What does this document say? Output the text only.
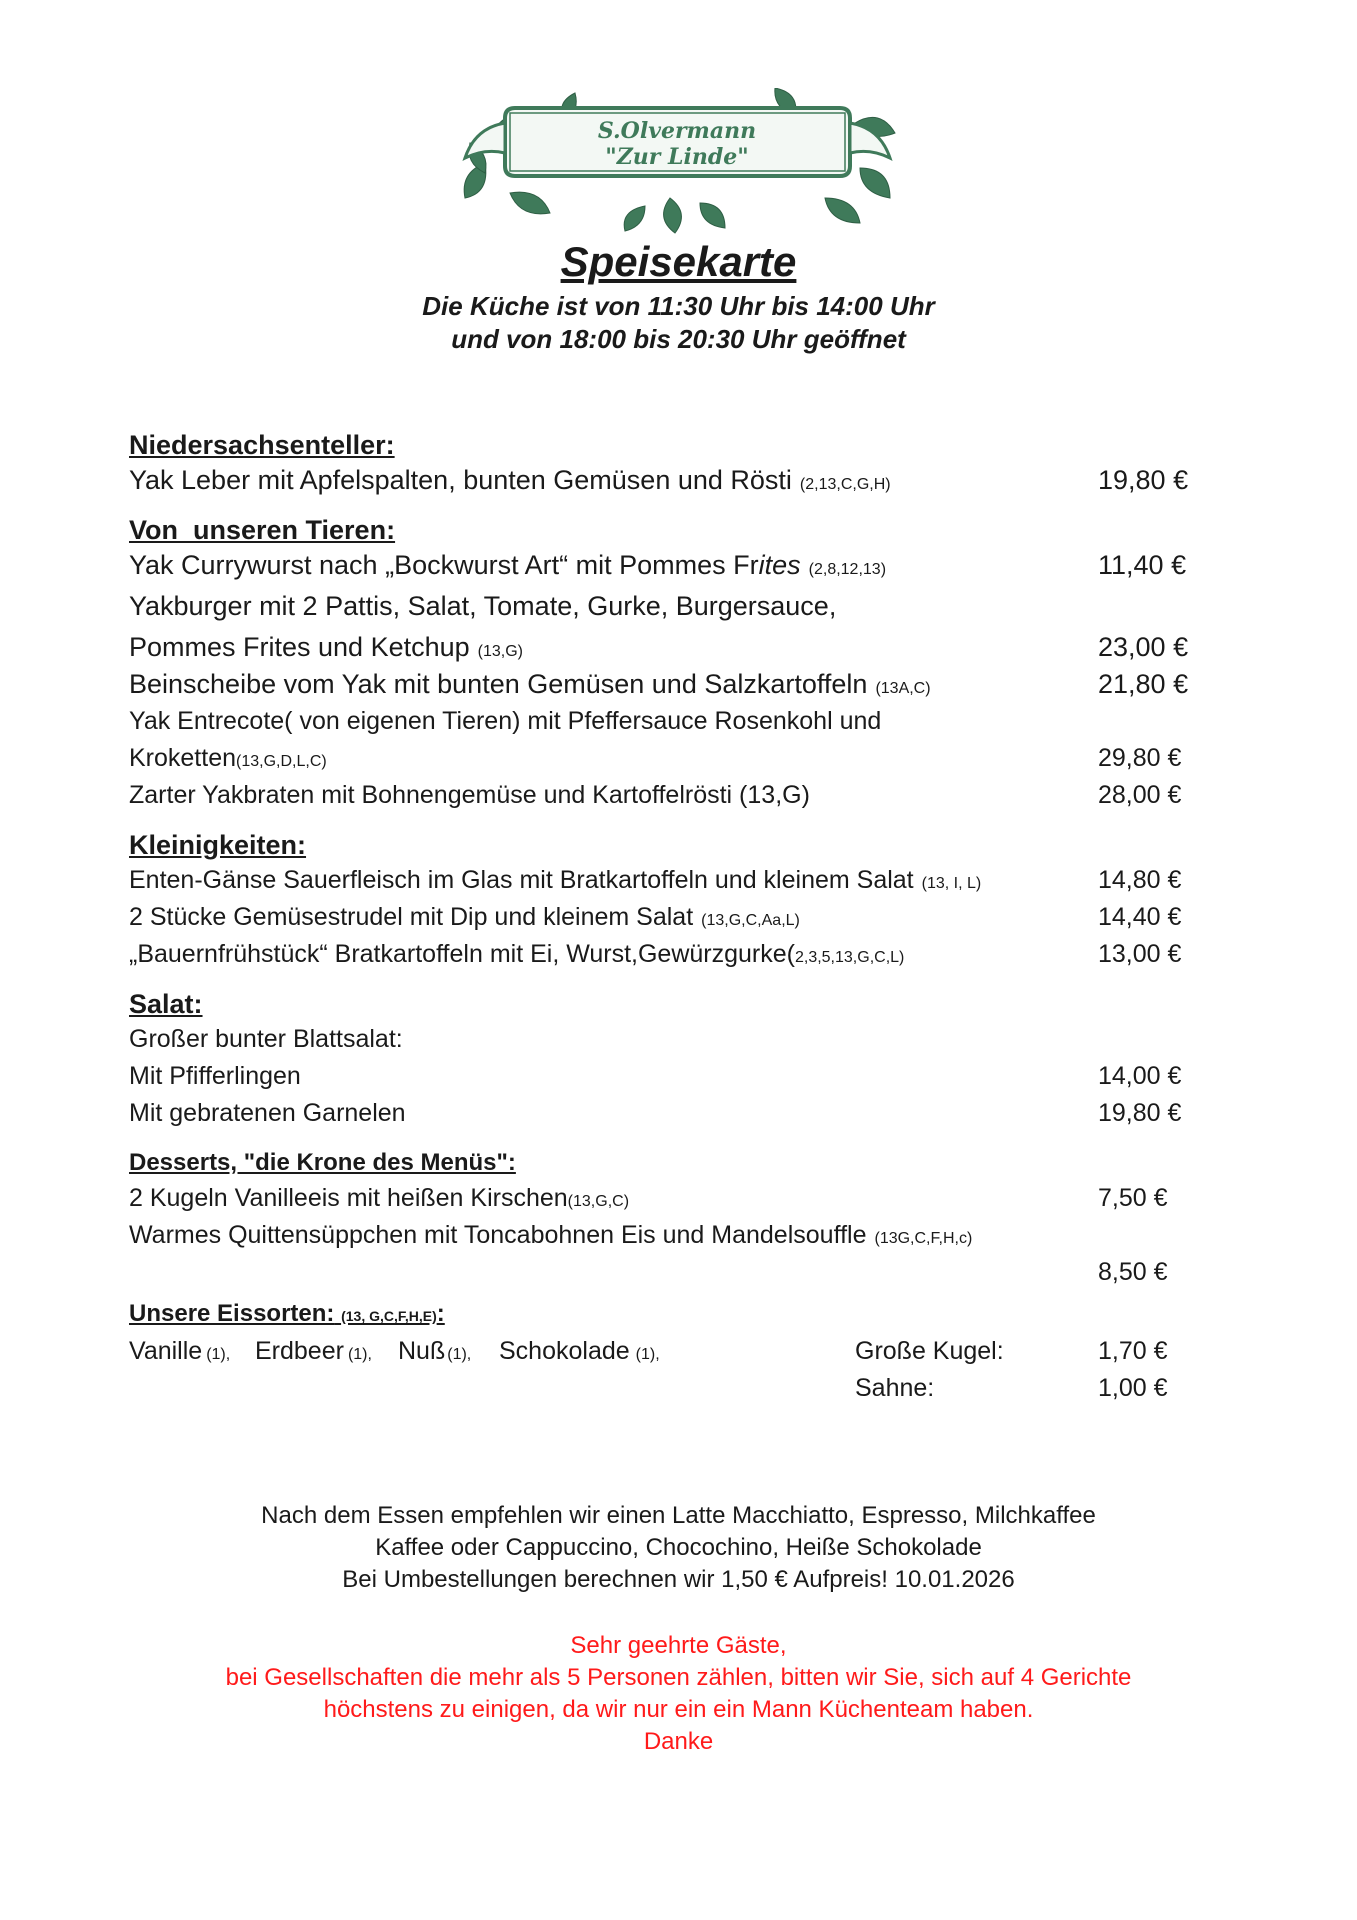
S.Olvermann
"Zur Linde"
Speisekarte
Die Küche ist von 11:30 Uhr bis 14:00 Uhr
und von 18:00 bis 20:30 Uhr geöffnet
Niedersachsenteller:
Yak Leber mit Apfelspalten, bunten Gemüsen und Rösti (2,13,C,G,H)	19,80 €
Von  unseren Tieren:
Yak Currywurst nach „Bockwurst Art“ mit Pommes Frites (2,8,12,13)	11,40 €
Yakburger mit 2 Pattis, Salat, Tomate, Gurke, Burgersauce,
Pommes Frites und Ketchup (13,G)	23,00 €
Beinscheibe vom Yak mit bunten Gemüsen und Salzkartoffeln (13A,C)	21,80 €
Yak Entrecote( von eigenen Tieren) mit Pfeffersauce Rosenkohl und
Kroketten(13,G,D,L,C)	29,80 €
Zarter Yakbraten mit Bohnengemüse und Kartoffelrösti (13,G)	28,00 €
Kleinigkeiten:
Enten-Gänse Sauerfleisch im Glas mit Bratkartoffeln und kleinem Salat (13, I, L)	14,80 €
2 Stücke Gemüsestrudel mit Dip und kleinem Salat (13,G,C,Aa,L)	14,40 €
„Bauernfrühstück“ Bratkartoffeln mit Ei, Wurst,Gewürzgurke(2,3,5,13,G,C,L)	13,00 €
Salat:
Großer bunter Blattsalat:
Mit Pfifferlingen	14,00 €
Mit gebratenen Garnelen	19,80 €
Desserts, "die Krone des Menüs":
2 Kugeln Vanilleeis mit heißen Kirschen(13,G,C)	7,50 €
Warmes Quittensüppchen mit Toncabohnen Eis und Mandelsouffle (13G,C,F,H,c)
8,50 €
Unsere Eissorten: (13, G,C,F,H,E):
Vanille (1), Erdbeer (1), Nuß (1), Schokolade (1),	Große Kugel:	1,70 €
Sahne:	1,00 €
Nach dem Essen empfehlen wir einen Latte Macchiatto, Espresso, Milchkaffee
Kaffee oder Cappuccino, Chocochino, Heiße Schokolade
Bei Umbestellungen berechnen wir 1,50 € Aufpreis! 10.01.2026
Sehr geehrte Gäste,
bei Gesellschaften die mehr als 5 Personen zählen, bitten wir Sie, sich auf 4 Gerichte
höchstens zu einigen, da wir nur ein ein Mann Küchenteam haben.
Danke
